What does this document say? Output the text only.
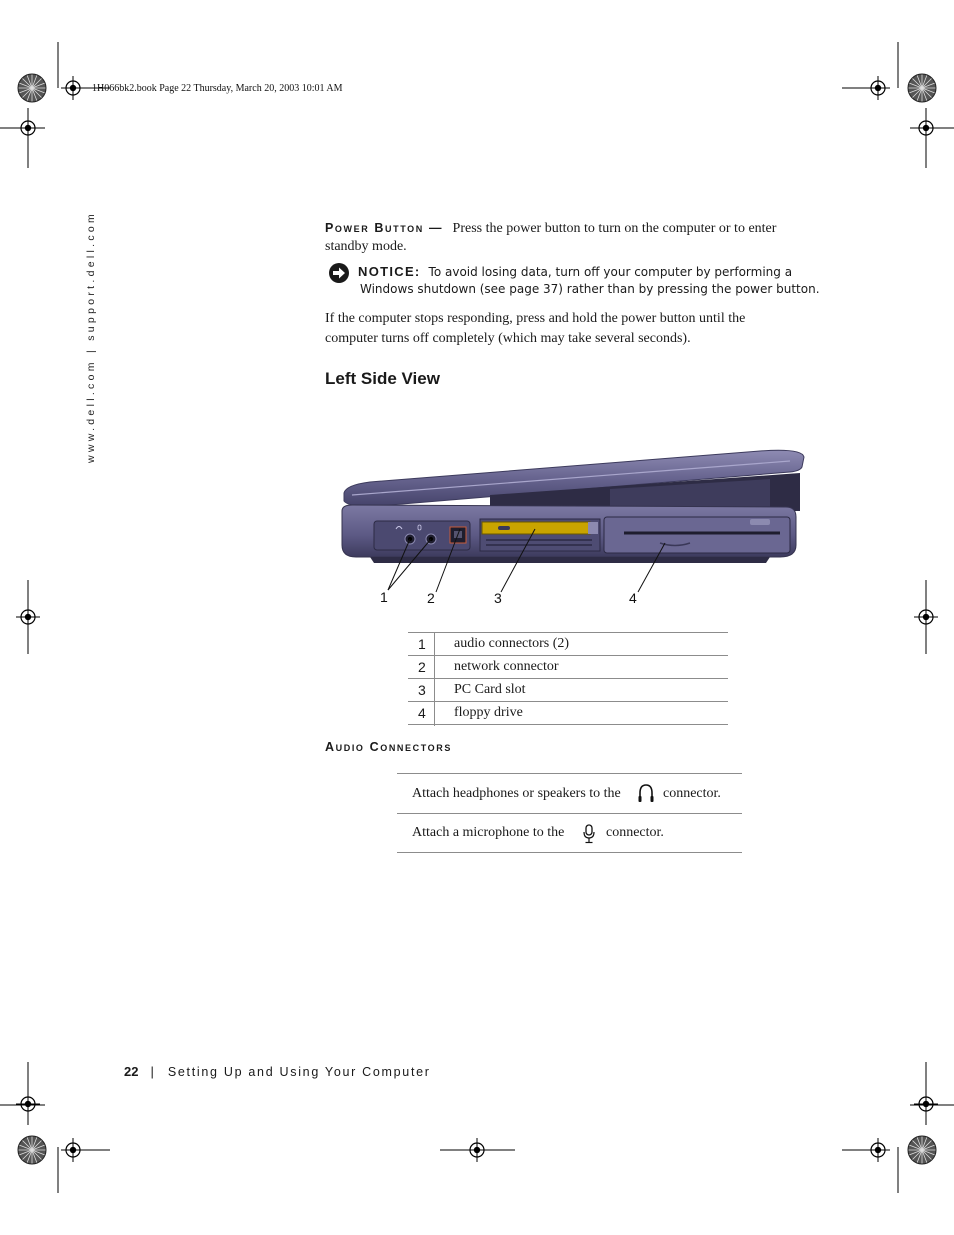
1H066bk2.book Page 22 Thursday, March 20, 2003 10:01 AM
www.dell.com | support.dell.com	Power Button — Press the power button to turn on the computer or to enter
standby mode.
NOTICE: To avoid losing data, turn off your computer by performing a
Windows shutdown (see page 37) rather than by pressing the power button.
If the computer stops responding, press and hold the power button until the
computer turns off completely (which may take several seconds).
Left Side View
1	2	3	4
1	audio connectors (2)
2	network connector
3	PC Card slot
4	floppy drive
Audio Connectors
Attach headphones or speakers to the	connector.
Attach a microphone to the	connector.
22 | Setting Up and Using Your Computer
